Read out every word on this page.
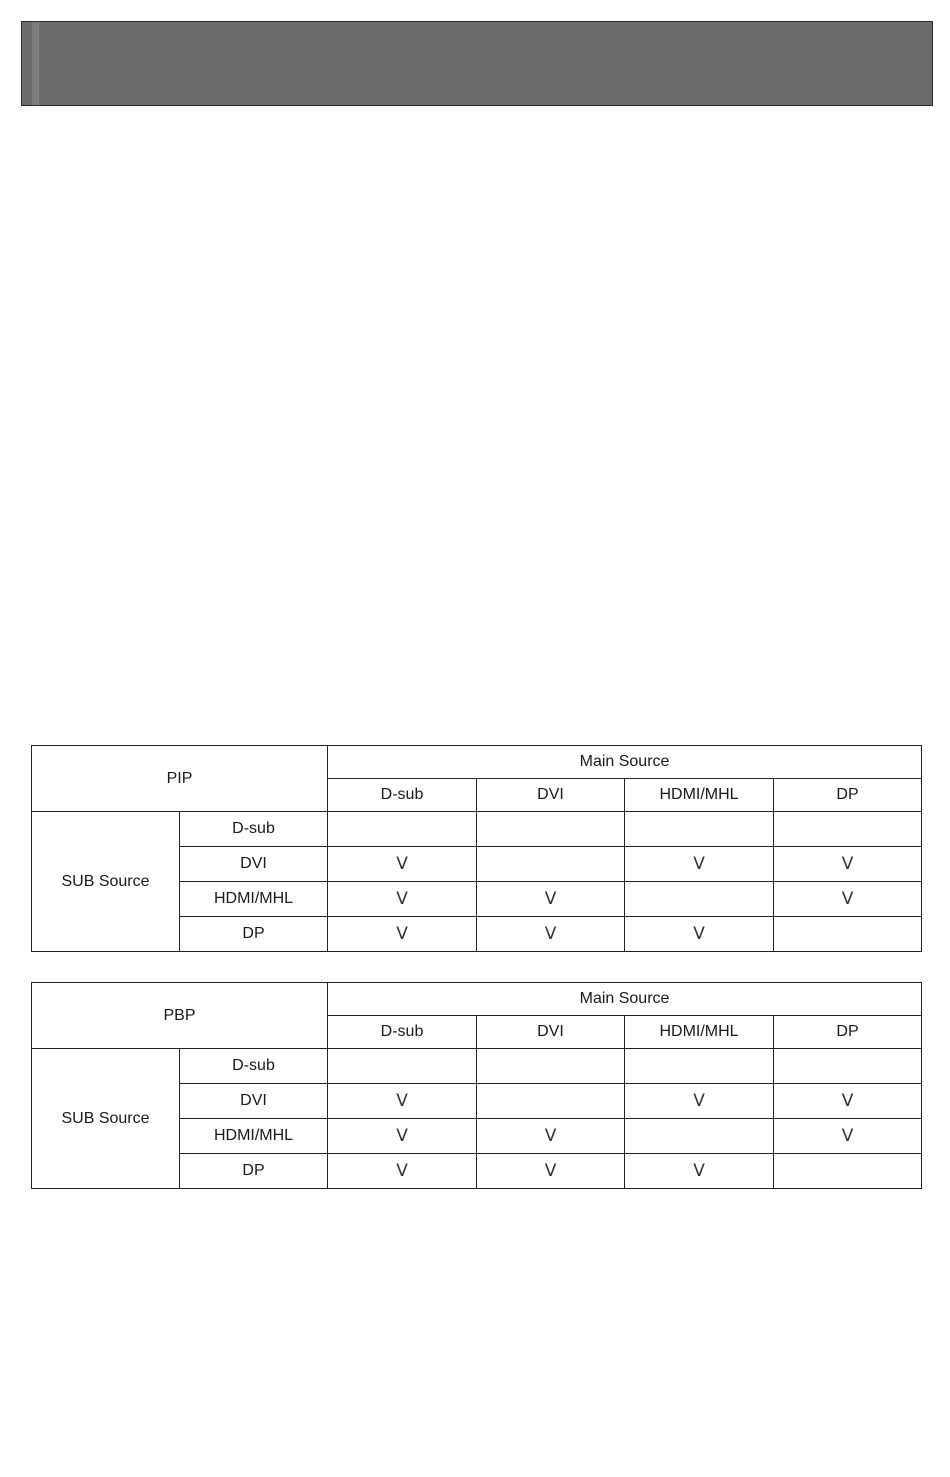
PIP		Main Source			
		D-sub	DVI	HDMI/MHL	DP
SUB Source	D-sub				
	DVI	V		V	V
	HDMI/MHL	V	V		V
	DP	V	V	V	
PBP		Main Source			
		D-sub	DVI	HDMI/MHL	DP
SUB Source	D-sub				
	DVI	V		V	V
	HDMI/MHL	V	V		V
	DP	V	V	V	
